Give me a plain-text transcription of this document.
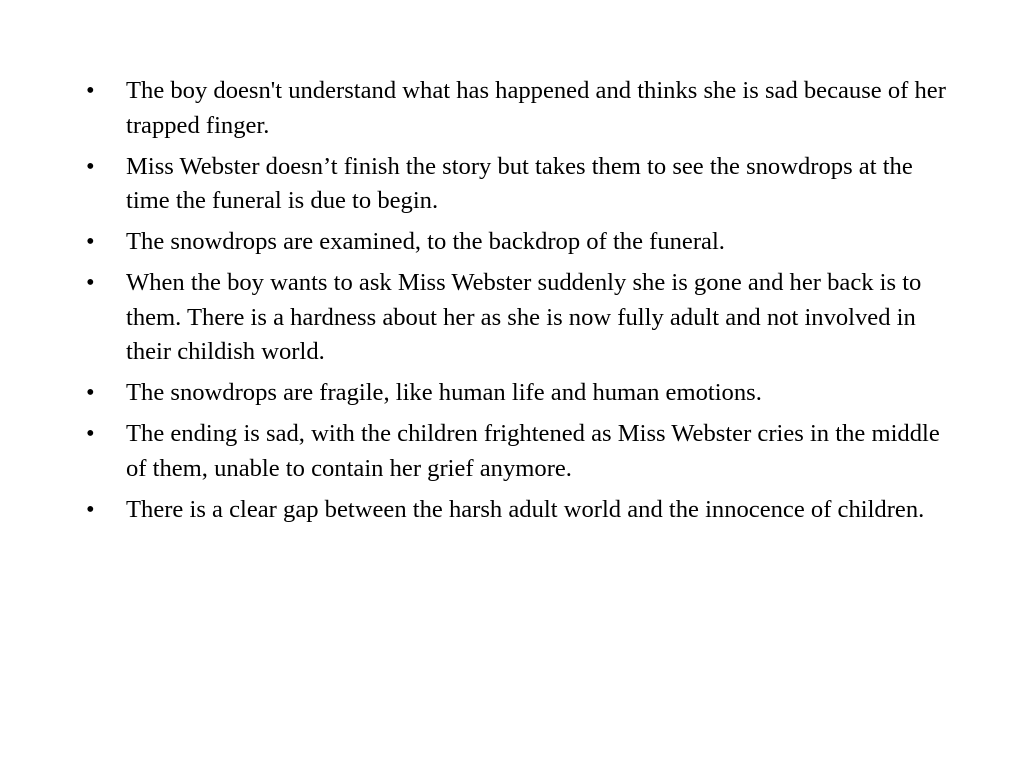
• The boy doesn't understand what has happened and thinks she is sad because of her trapped finger.
• Miss Webster doesn’t finish the story but takes them to see the snowdrops at the time the funeral is due to begin.
• The snowdrops are examined, to the backdrop of the funeral.
• When the boy wants to ask Miss Webster suddenly she is gone and her back is to them. There is a hardness about her as she is now fully adult and not involved in their childish world.
• The snowdrops are fragile, like human life and human emotions.
• The ending is sad, with the children frightened as Miss Webster cries in the middle of them, unable to contain her grief anymore.
• There is a clear gap between the harsh adult world and the innocence of children.
